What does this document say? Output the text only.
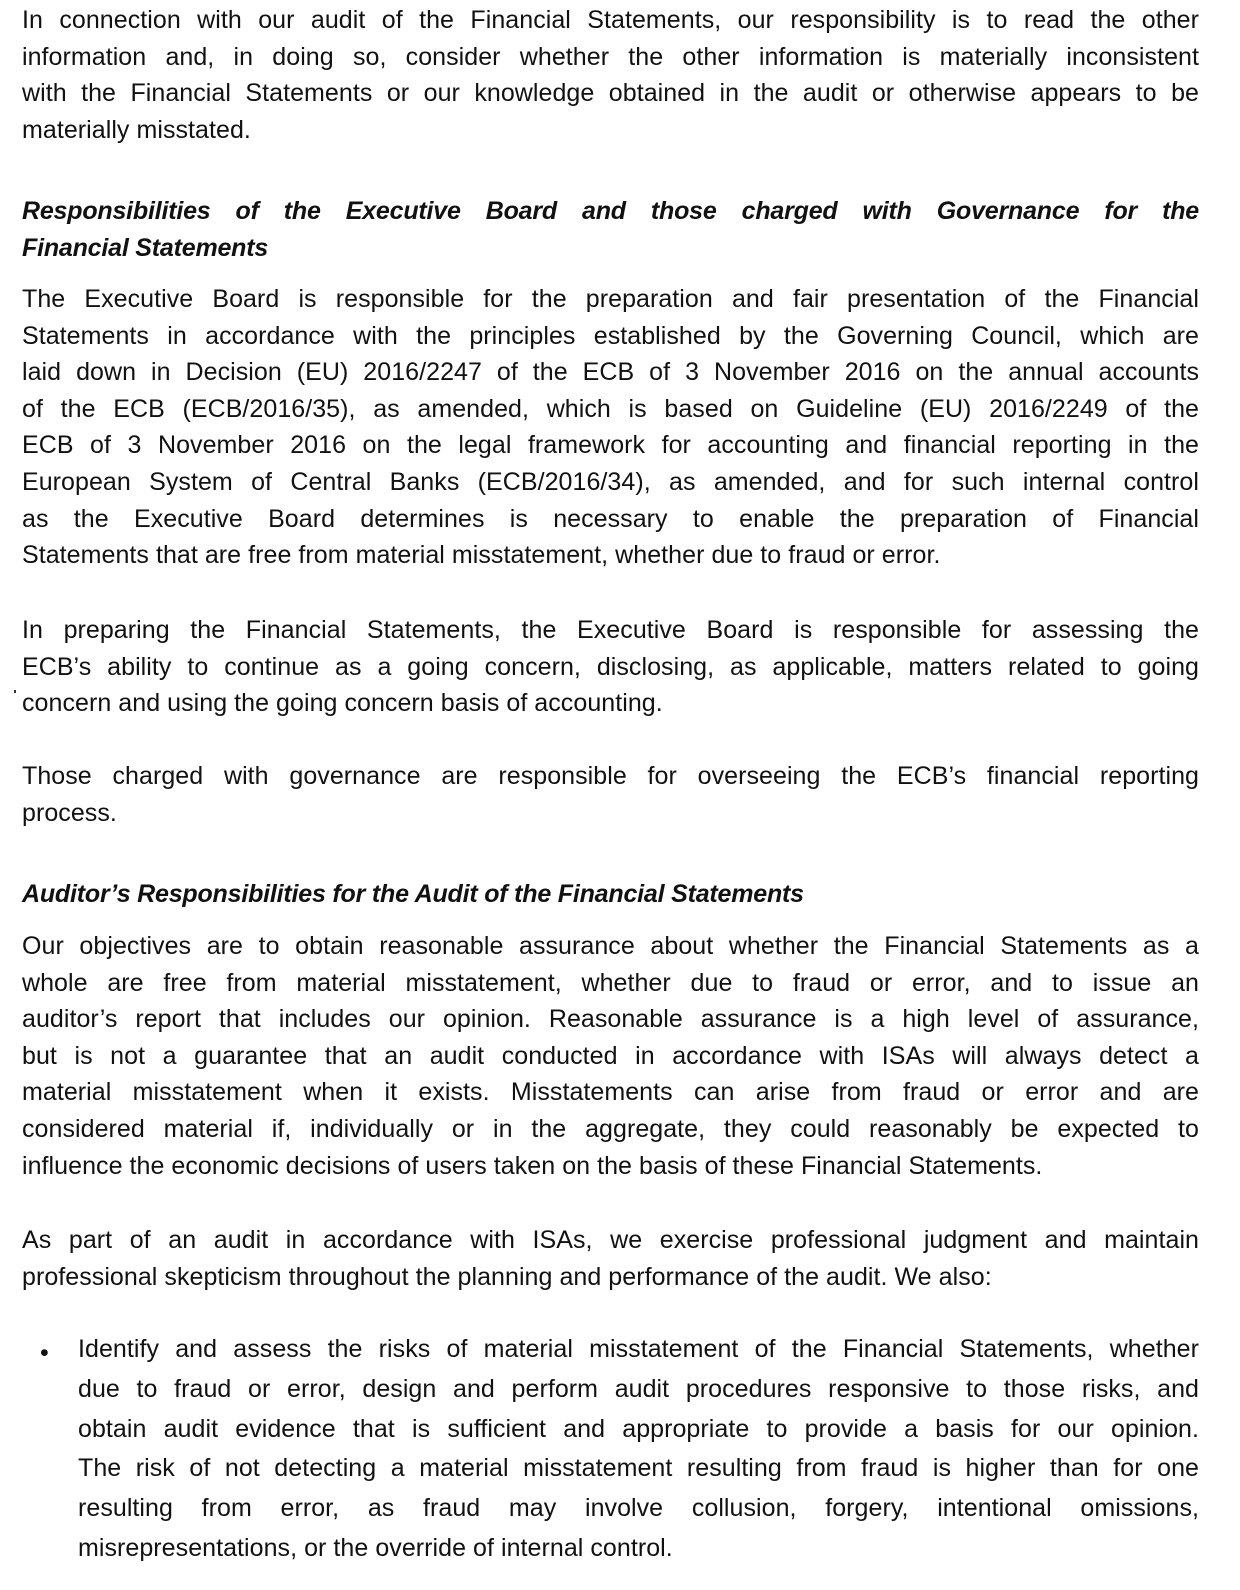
In connection with our audit of the Financial Statements, our responsibility is to read the other
information and, in doing so, consider whether the other information is materially inconsistent
with the Financial Statements or our knowledge obtained in the audit or otherwise appears to be
materially misstated.
Responsibilities of the Executive Board and those charged with Governance for the
Financial Statements
The Executive Board is responsible for the preparation and fair presentation of the Financial
Statements in accordance with the principles established by the Governing Council, which are
laid down in Decision (EU) 2016/2247 of the ECB of 3 November 2016 on the annual accounts
of the ECB (ECB/2016/35), as amended, which is based on Guideline (EU) 2016/2249 of the
ECB of 3 November 2016 on the legal framework for accounting and financial reporting in the
European System of Central Banks (ECB/2016/34), as amended, and for such internal control
as the Executive Board determines is necessary to enable the preparation of Financial
Statements that are free from material misstatement, whether due to fraud or error.
In preparing the Financial Statements, the Executive Board is responsible for assessing the
ECB’s ability to continue as a going concern, disclosing, as applicable, matters related to going
concern and using the going concern basis of accounting.
Those charged with governance are responsible for overseeing the ECB’s financial reporting
process.
Auditor’s Responsibilities for the Audit of the Financial Statements
Our objectives are to obtain reasonable assurance about whether the Financial Statements as a
whole are free from material misstatement, whether due to fraud or error, and to issue an
auditor’s report that includes our opinion. Reasonable assurance is a high level of assurance,
but is not a guarantee that an audit conducted in accordance with ISAs will always detect a
material misstatement when it exists. Misstatements can arise from fraud or error and are
considered material if, individually or in the aggregate, they could reasonably be expected to
influence the economic decisions of users taken on the basis of these Financial Statements.
As part of an audit in accordance with ISAs, we exercise professional judgment and maintain
professional skepticism throughout the planning and performance of the audit. We also:
• Identify and assess the risks of material misstatement of the Financial Statements, whether
due to fraud or error, design and perform audit procedures responsive to those risks, and
obtain audit evidence that is sufficient and appropriate to provide a basis for our opinion.
The risk of not detecting a material misstatement resulting from fraud is higher than for one
resulting from error, as fraud may involve collusion, forgery, intentional omissions,
misrepresentations, or the override of internal control.
